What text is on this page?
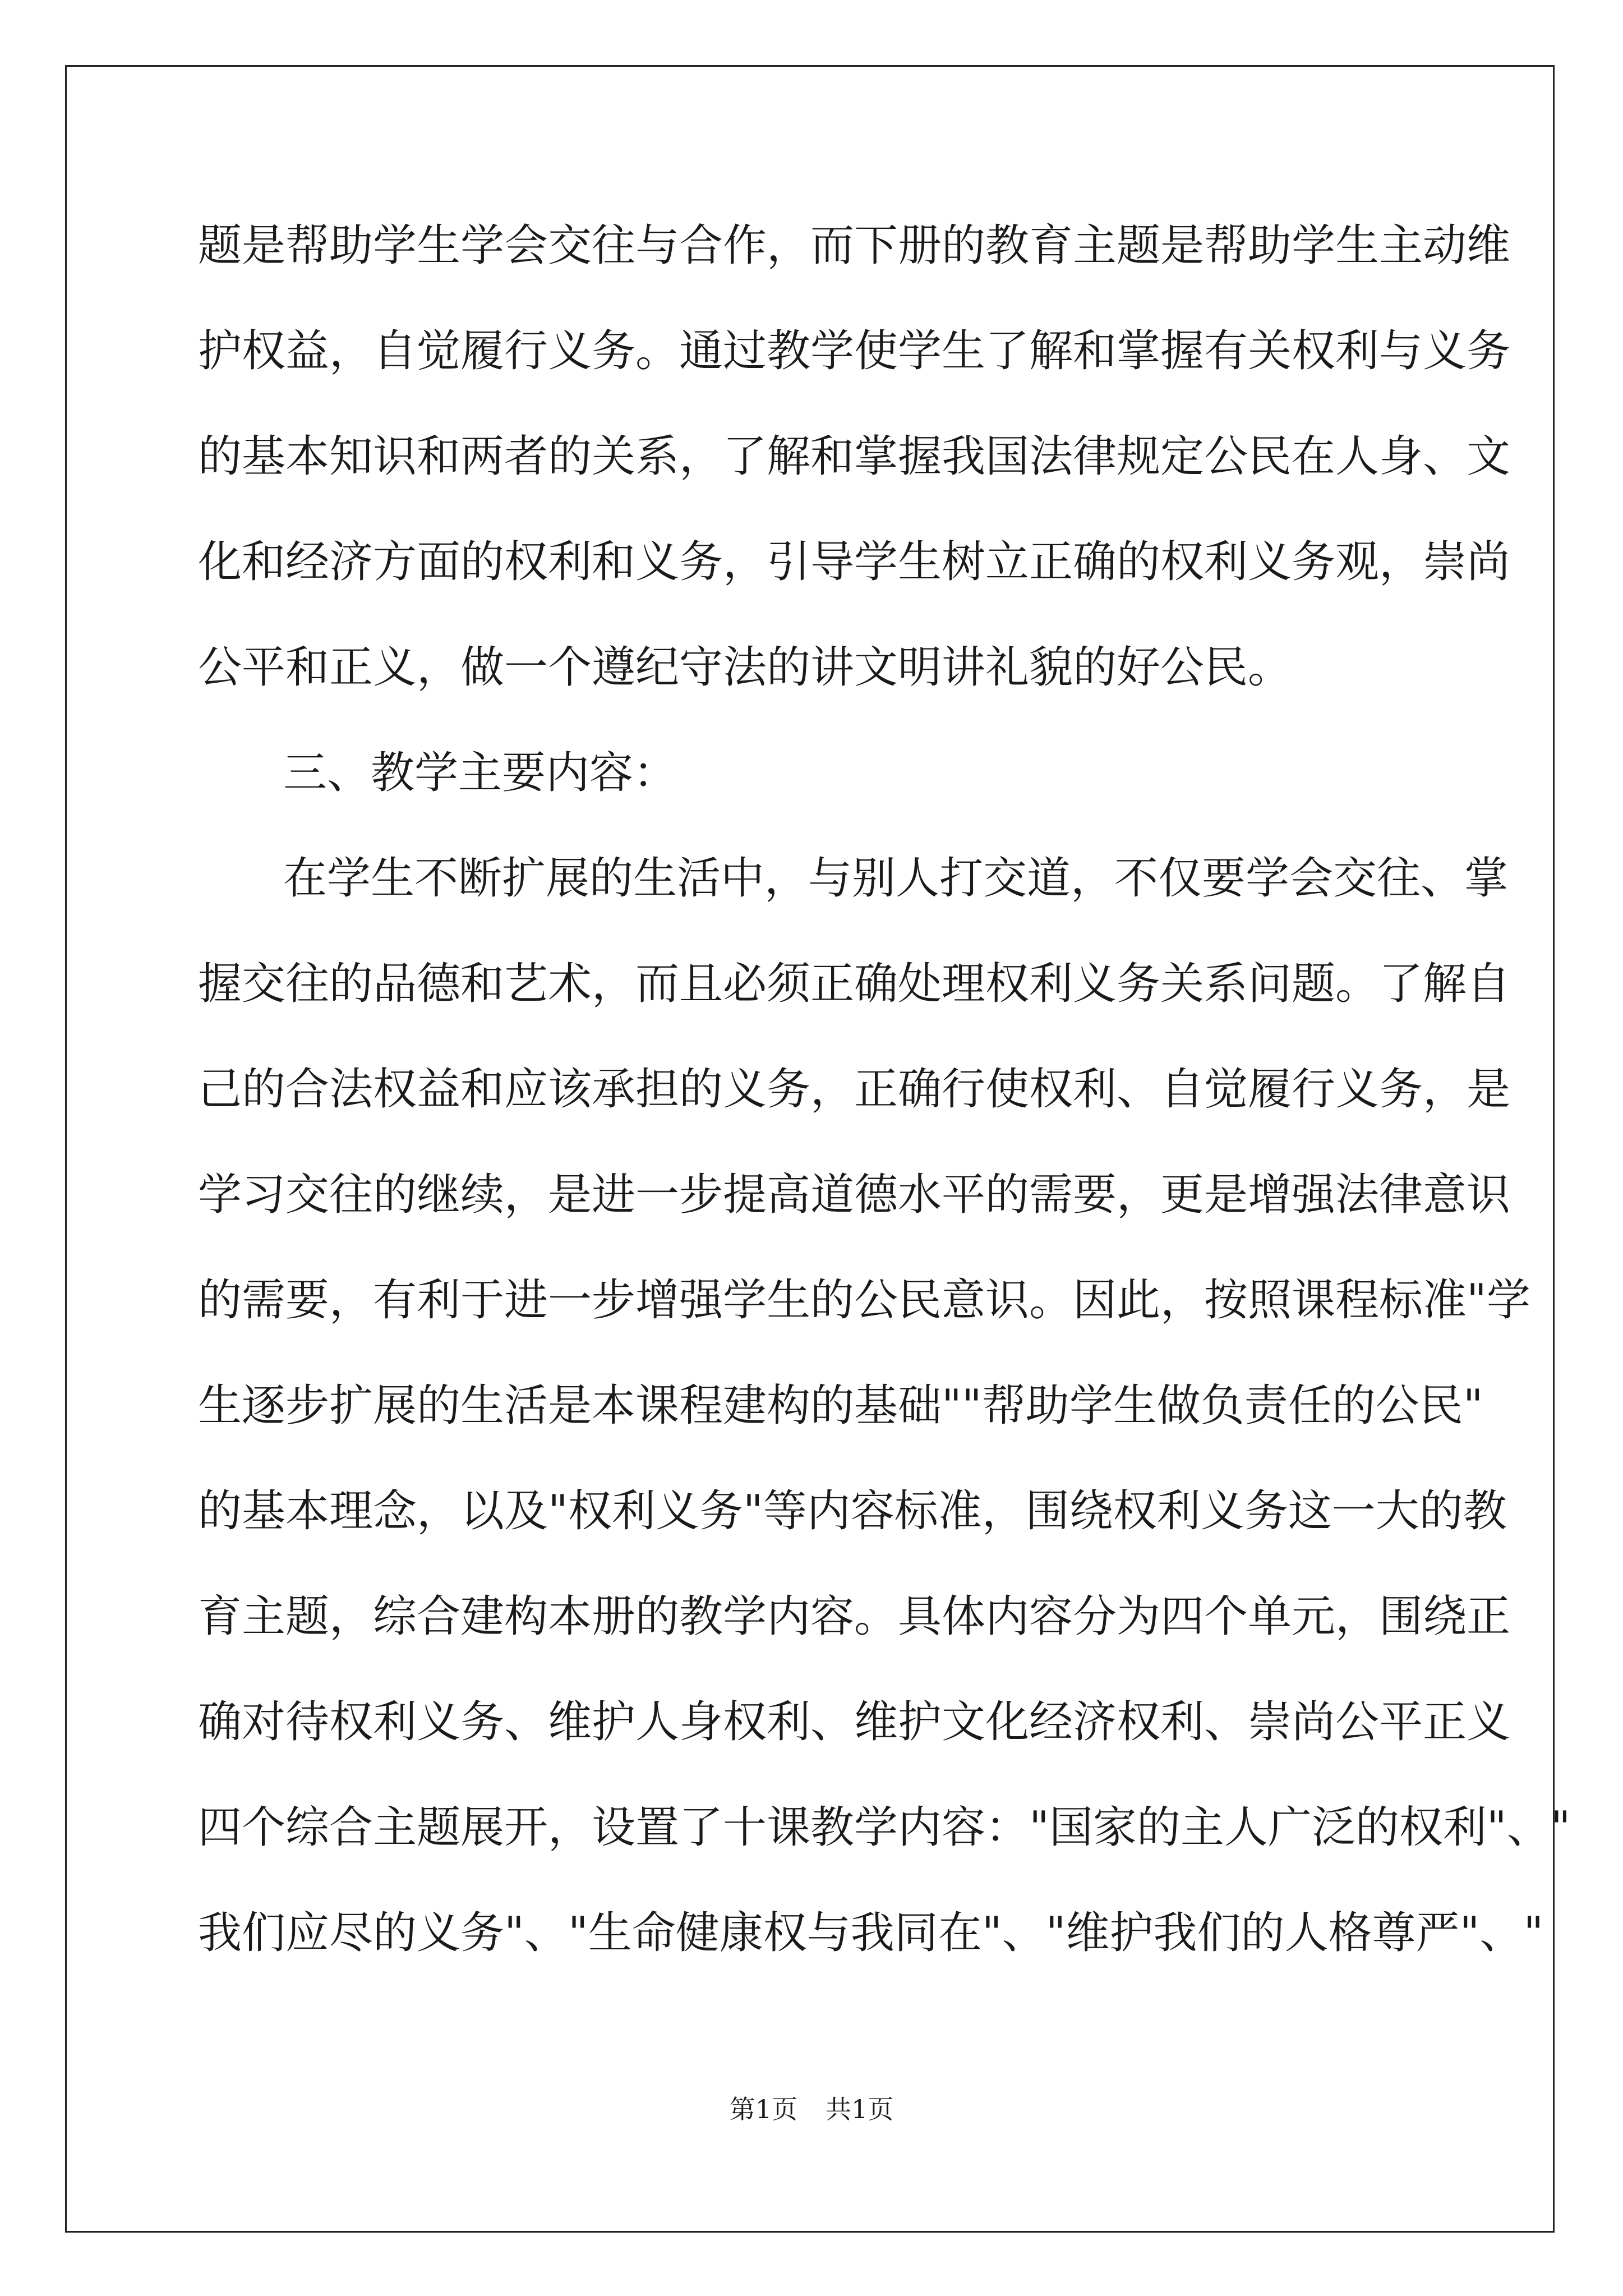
题是帮助学生学会交往与合作，而下册的教育主题是帮助学生主动维
护权益，自觉履行义务。通过教学使学生了解和掌握有关权利与义务
的基本知识和两者的关系，了解和掌握我国法律规定公民在人身、文
化和经济方面的权利和义务，引导学生树立正确的权利义务观，崇尚
公平和正义，做一个遵纪守法的讲文明讲礼貌的好公民。
三、教学主要内容：
在学生不断扩展的生活中，与别人打交道，不仅要学会交往、掌
握交往的品德和艺术，而且必须正确处理权利义务关系问题。了解自
己的合法权益和应该承担的义务，正确行使权利、自觉履行义务，是
学习交往的继续，是进一步提高道德水平的需要，更是增强法律意识
的需要，有利于进一步增强学生的公民意识。因此，按照课程标准"学
生逐步扩展的生活是本课程建构的基础""帮助学生做负责任的公民"
的基本理念，以及"权利义务"等内容标准，围绕权利义务这一大的教
育主题，综合建构本册的教学内容。具体内容分为四个单元，围绕正
确对待权利义务、维护人身权利、维护文化经济权利、崇尚公平正义
四个综合主题展开，设置了十课教学内容："国家的主人广泛的权利"、"
我们应尽的义务"、"生命健康权与我同在"、"维护我们的人格尊严"、"
第1页 共1页
